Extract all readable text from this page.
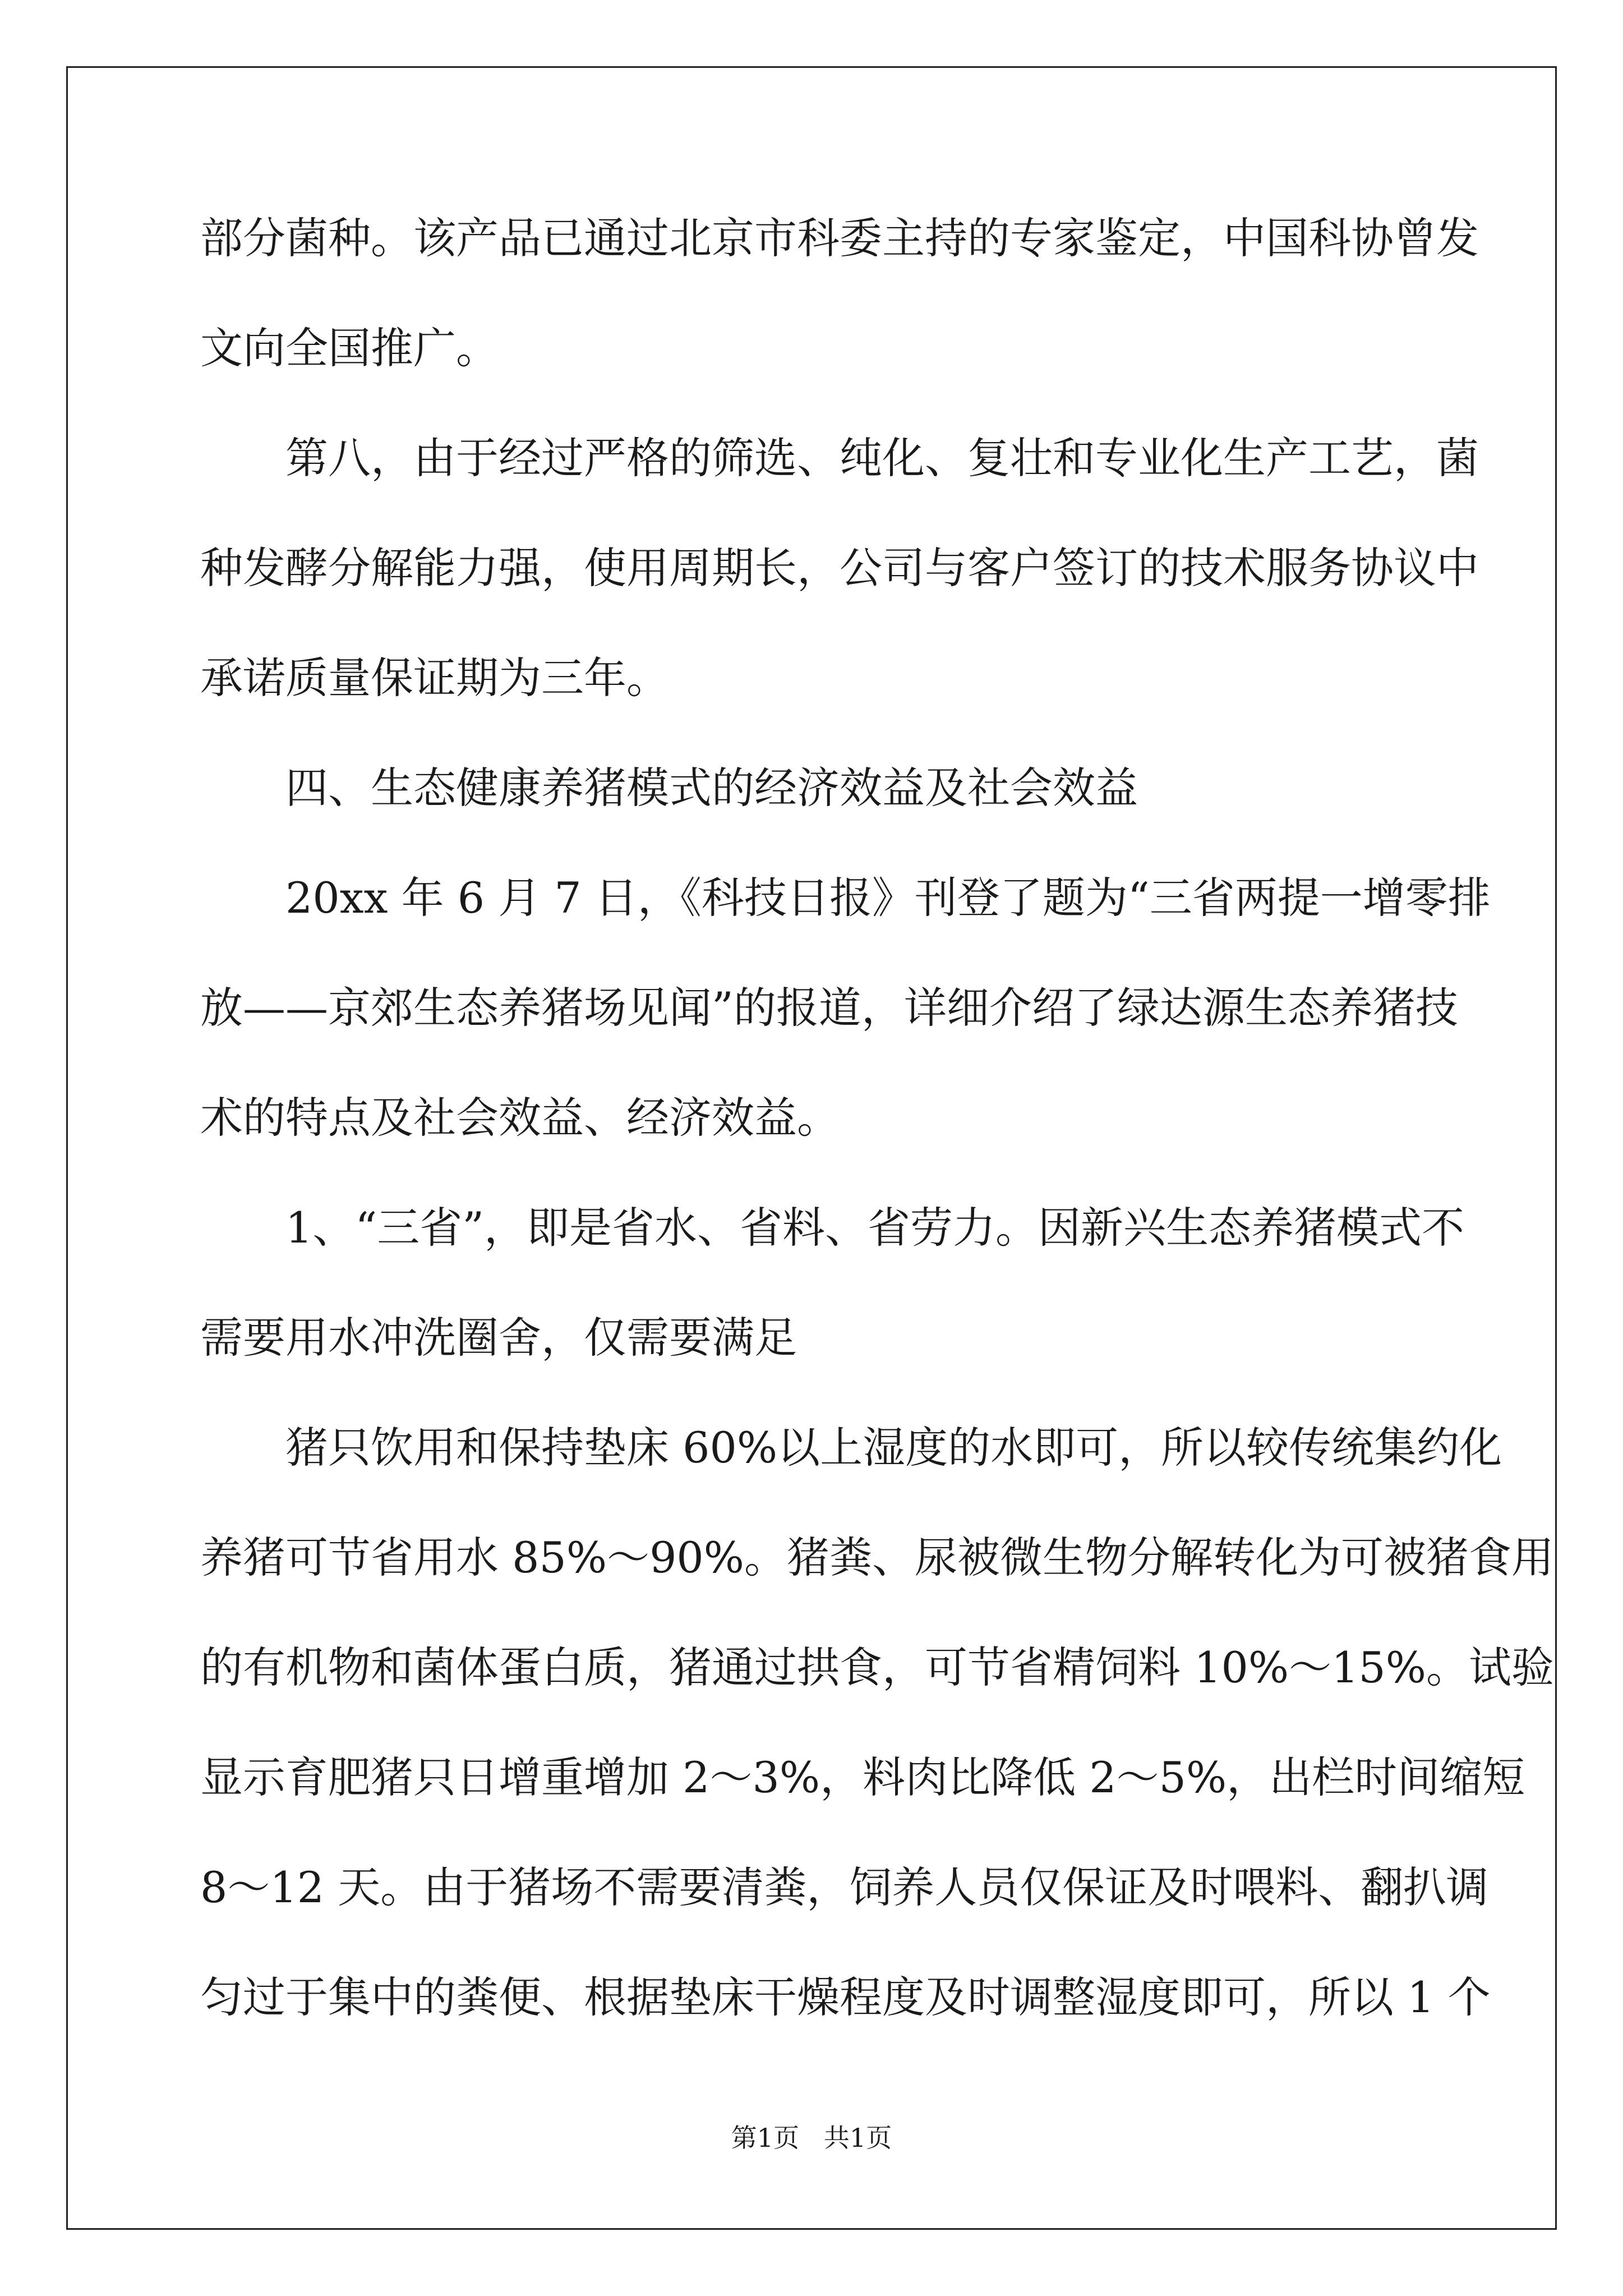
部分菌种。该产品已通过北京市科委主持的专家鉴定，中国科协曾发
文向全国推广。
第八，由于经过严格的筛选、纯化、复壮和专业化生产工艺，菌
种发酵分解能力强，使用周期长，公司与客户签订的技术服务协议中
承诺质量保证期为三年。
四、生态健康养猪模式的经济效益及社会效益
20xx 年 6 月 7 日，《科技日报》刊登了题为“三省两提一增零排
放——京郊生态养猪场见闻”的报道，详细介绍了绿达源生态养猪技
术的特点及社会效益、经济效益。
1、“三省”，即是省水、省料、省劳力。因新兴生态养猪模式不
需要用水冲洗圈舍，仅需要满足
猪只饮用和保持垫床 60%以上湿度的水即可，所以较传统集约化
养猪可节省用水 85%～90%。猪粪、尿被微生物分解转化为可被猪食用
的有机物和菌体蛋白质，猪通过拱食，可节省精饲料 10%～15%。试验
显示育肥猪只日增重增加 2～3%，料肉比降低 2～5%，出栏时间缩短
8～12 天。由于猪场不需要清粪，饲养人员仅保证及时喂料、翻扒调
匀过于集中的粪便、根据垫床干燥程度及时调整湿度即可，所以 1 个
第1页   共1页
